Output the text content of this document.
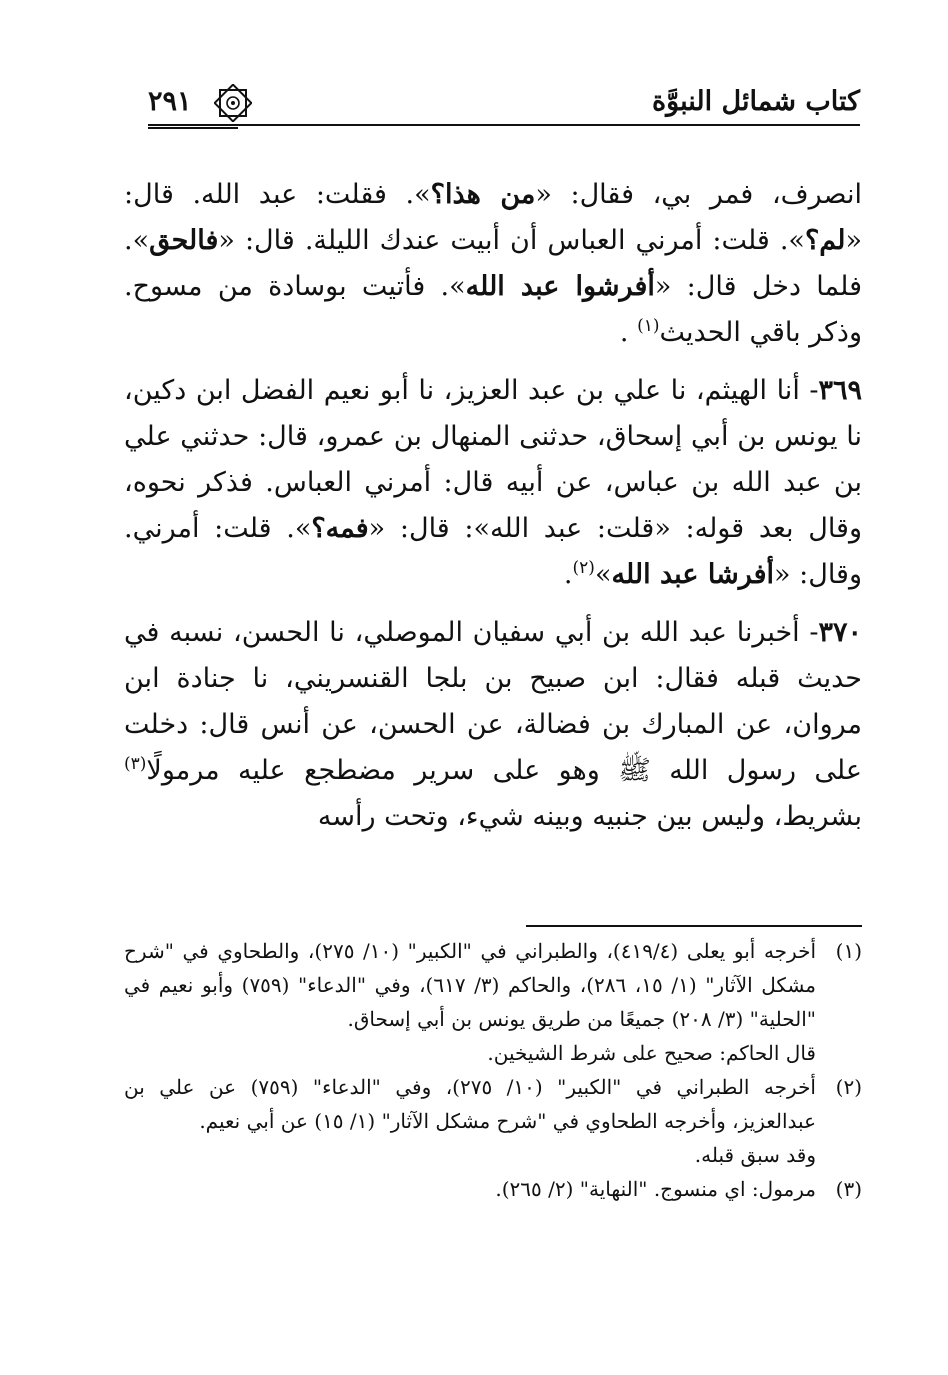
كتاب شمائل النبوَّة
٢٩١

انصرف، فمر بي، فقال: «من هذا؟». فقلت: عبد الله. قال: «لم؟». قلت: أمرني العباس أن أبيت عندك الليلة. قال: «فالحق». فلما دخل قال: «أفرشوا عبد الله». فأتيت بوسادة من مسوح. وذكر باقي الحديث$^{(١)}$ .

٣٦٩- أنا الهيثم، نا علي بن عبد العزيز، نا أبو نعيم الفضل ابن دكين، نا يونس بن أبي إسحاق، حدثنى المنهال بن عمرو، قال: حدثني علي بن عبد الله بن عباس، عن أبيه قال: أمرني العباس. فذكر نحوه، وقال بعد قوله: «قلت: عبد الله»: قال: «فمه؟». قلت: أمرني. وقال: «أفرشا عبد الله»$^{(٢)}$.

٣٧٠- أخبرنا عبد الله بن أبي سفيان الموصلي، نا الحسن، نسبه في حديث قبله فقال: ابن صبيح بن بلجا القنسريني، نا جنادة ابن مروان، عن المبارك بن فضالة، عن الحسن، عن أنس قال: دخلت على رسول الله ﷺ وهو على سرير مضطجع عليه مرمولًا$^{(٣)}$ بشريط، وليس بين جنبيه وبينه شيء، وتحت رأسه

(١)
أخرجه أبو يعلى (٤١٩/٤)، والطبراني في "الكبير" (١٠/ ٢٧٥)، والطحاوي في "شرح مشكل الآثار" (١/ ١٥، ٢٨٦)، والحاكم (٣/ ٦١٧)، وفي "الدعاء" (٧٥٩) وأبو نعيم في "الحلية" (٣/ ٢٠٨) جميعًا من طريق يونس بن أبي إسحاق.

قال الحاكم: صحيح على شرط الشيخين.

(٢)
أخرجه الطبراني في "الكبير" (١٠/ ٢٧٥)، وفي "الدعاء" (٧٥٩) عن علي بن عبدالعزيز، وأخرجه الطحاوي في "شرح مشكل الآثار" (١/ ١٥) عن أبي نعيم.

وقد سبق قبله.

(٣)
مرمول: اي منسوج. "النهاية" (٢/ ٢٦٥).
